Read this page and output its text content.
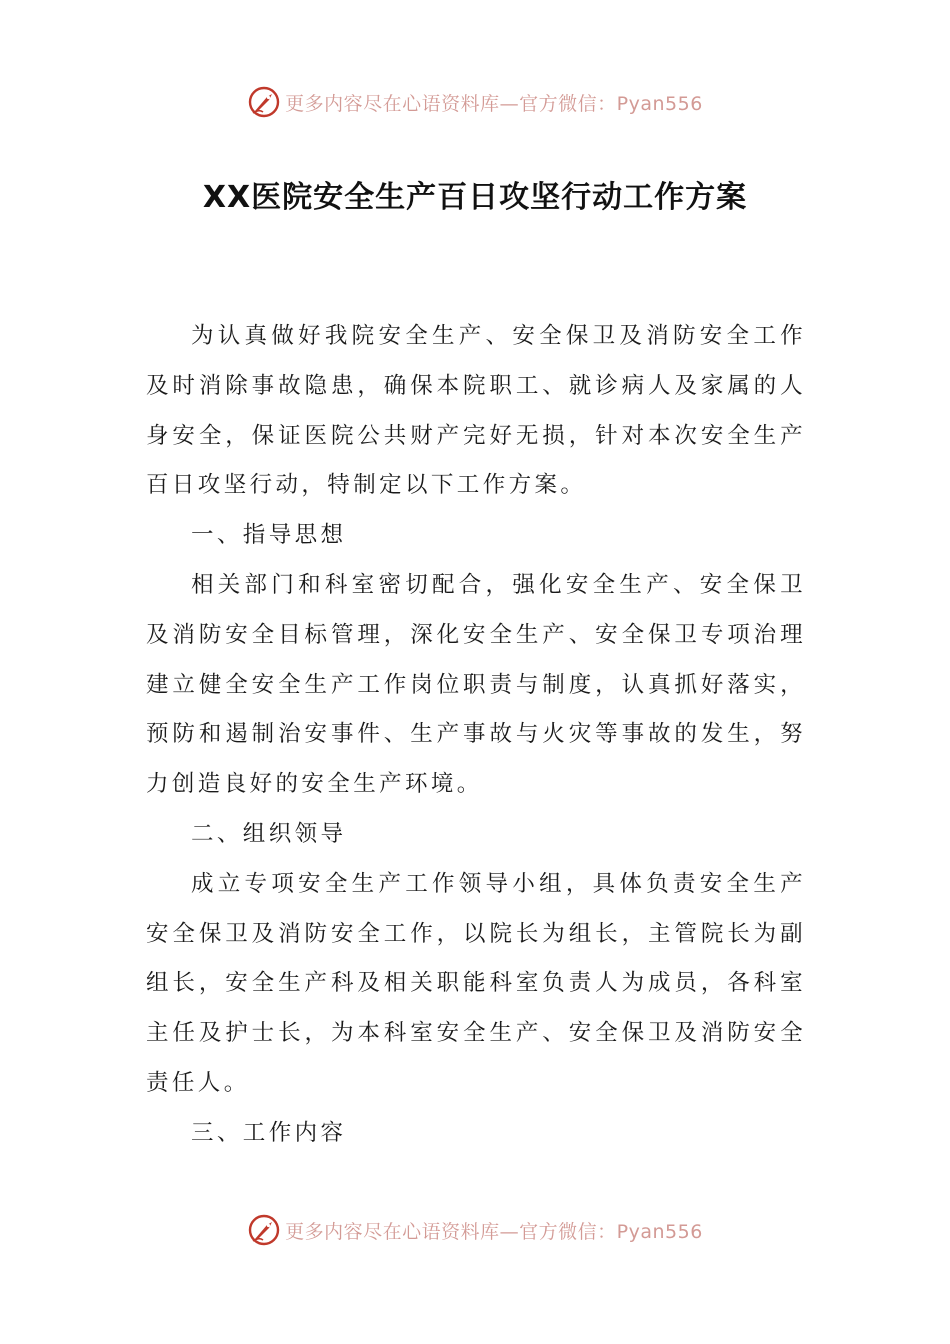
更多内容尽在心语资料库—官方微信：Pyan556
XX医院安全生产百日攻坚行动工作方案

为认真做好我院安全生产、安全保卫及消防安全工作及时消除事故隐患，确保本院职工、就诊病人及家属的人身安全，保证医院公共财产完好无损，针对本次安全生产百日攻坚行动，特制定以下工作方案。

一、指导思想

相关部门和科室密切配合，强化安全生产、安全保卫及消防安全目标管理，深化安全生产、安全保卫专项治理建立健全安全生产工作岗位职责与制度，认真抓好落实，预防和遏制治安事件、生产事故与火灾等事故的发生，努力创造良好的安全生产环境。

二、组织领导

成立专项安全生产工作领导小组，具体负责安全生产安全保卫及消防安全工作，以院长为组长，主管院长为副组长，安全生产科及相关职能科室负责人为成员，各科室主任及护士长，为本科室安全生产、安全保卫及消防安全责任人。

三、工作内容

更多内容尽在心语资料库—官方微信：Pyan556
